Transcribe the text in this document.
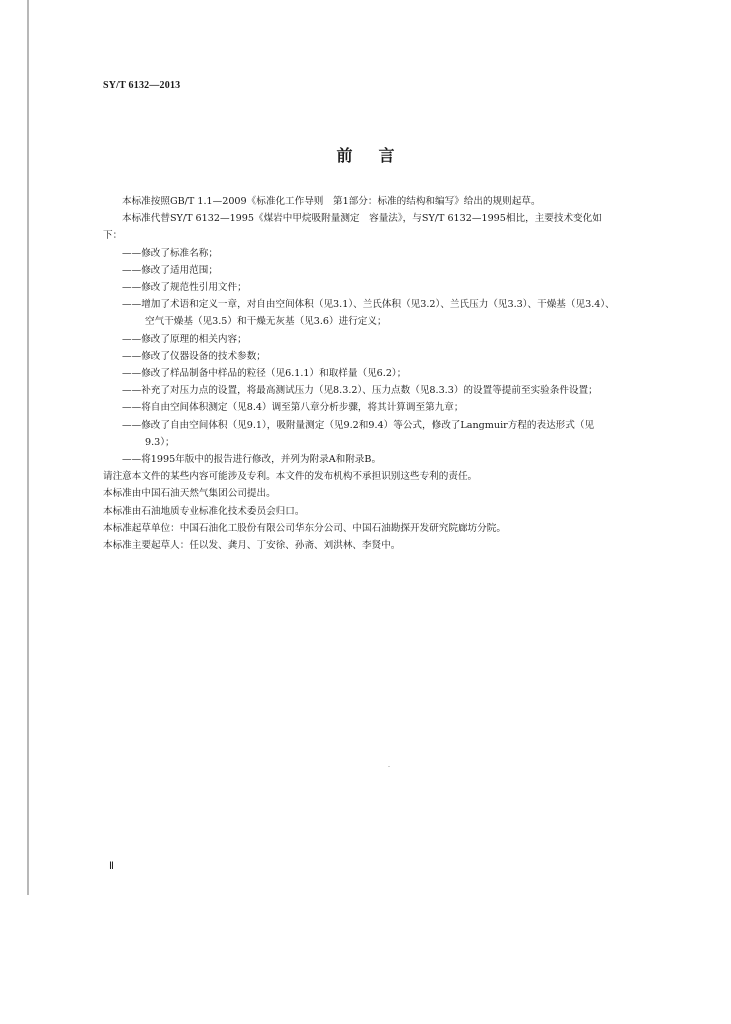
SY/T 6132—2013
前言

本标准按照GB/T 1.1—2009《标准化工作导则　第1部分：标准的结构和编写》给出的规则起草。

本标准代替SY/T 6132—1995《煤岩中甲烷吸附量测定　容量法》，与SY/T 6132—1995相比，主要技术变化如下：

——修改了标准名称；

——修改了适用范围；

——修改了规范性引用文件；

——增加了术语和定义一章，对自由空间体积（见3.1）、兰氏体积（见3.2）、兰氏压力（见3.3）、干燥基（见3.4）、空气干燥基（见3.5）和干燥无灰基（见3.6）进行定义；

——修改了原理的相关内容；

——修改了仪器设备的技术参数；

——修改了样品制备中样品的粒径（见6.1.1）和取样量（见6.2）；

——补充了对压力点的设置，将最高测试压力（见8.3.2）、压力点数（见8.3.3）的设置等提前至实验条件设置；

——将自由空间体积测定（见8.4）调至第八章分析步骤，将其计算调至第九章；

——修改了自由空间体积（见9.1），吸附量测定（见9.2和9.4）等公式，修改了Langmuir方程的表达形式（见9.3）；

——将1995年版中的报告进行修改，并列为附录A和附录B。

请注意本文件的某些内容可能涉及专利。本文件的发布机构不承担识别这些专利的责任。

本标准由中国石油天然气集团公司提出。

本标准由石油地质专业标准化技术委员会归口。

本标准起草单位：中国石油化工股份有限公司华东分公司、中国石油勘探开发研究院廊坊分院。

本标准主要起草人：任以发、龚月、丁安徐、孙斋、刘洪林、李贤中。

Ⅱ
